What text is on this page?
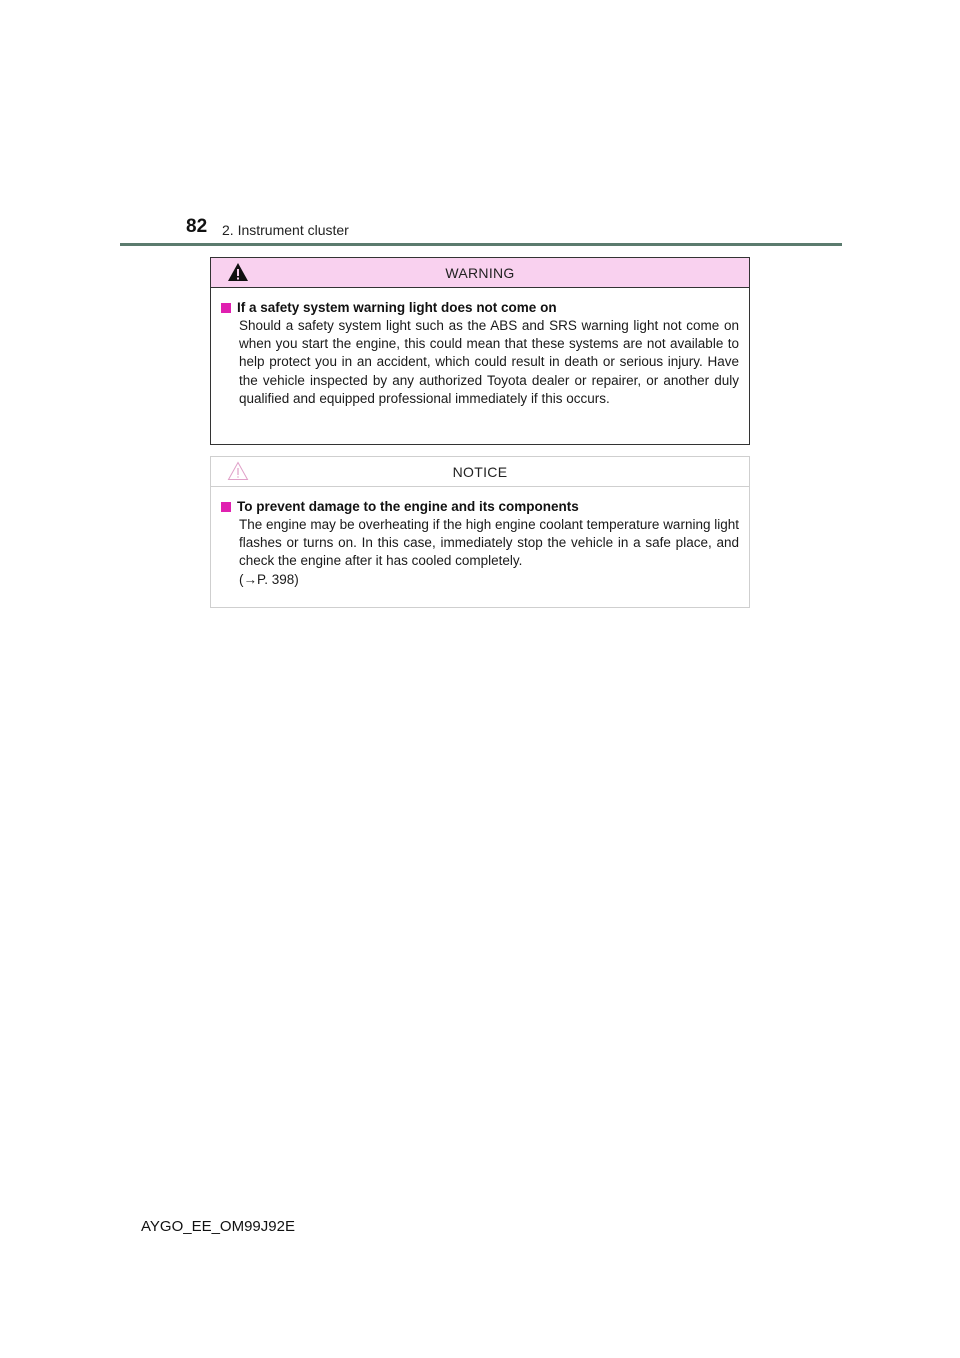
82 2. Instrument cluster
WARNING
If a safety system warning light does not come on
Should a safety system light such as the ABS and SRS warning light not come on when you start the engine, this could mean that these systems are not available to help protect you in an accident, which could result in death or serious injury. Have the vehicle inspected by any authorized Toyota dealer or repairer, or another duly qualified and equipped professional immediately if this occurs.
NOTICE
To prevent damage to the engine and its components
The engine may be overheating if the high engine coolant temperature warning light flashes or turns on. In this case, immediately stop the vehicle in a safe place, and check the engine after it has cooled completely.
(→P. 398)
AYGO_EE_OM99J92E
